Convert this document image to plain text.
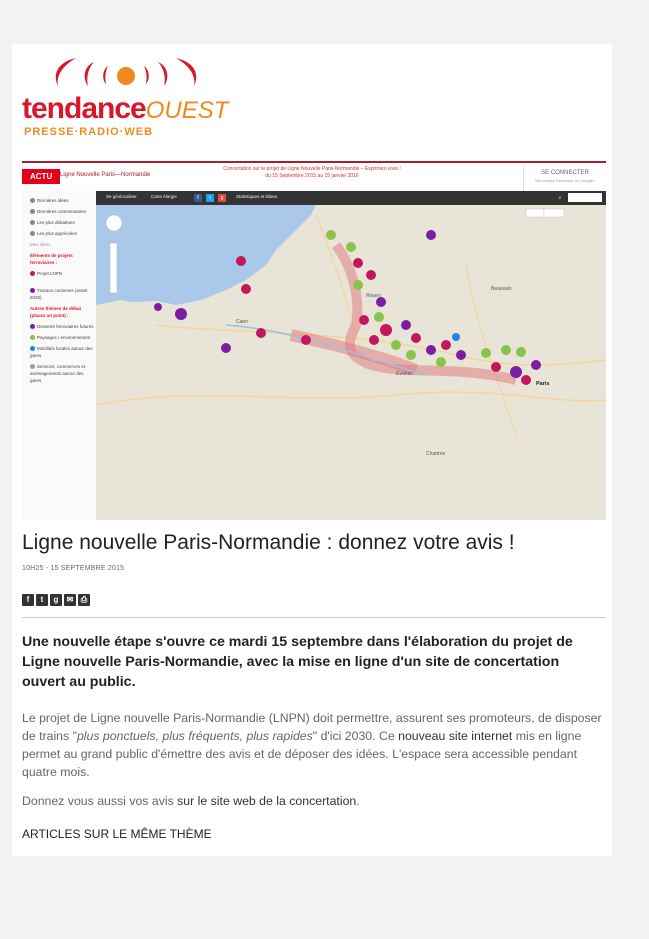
tendanceOUEST
PRESSE·RADIO·WEB
ACTU	Ligne Nouvelle Paris—Normandie
Concertation sur le projet de Ligne Nouvelle Paris-Normandie – Exprimez-vous !
du 15 Septembre 2015 au 15 janvier 2016	SE CONNECTER
Via compte Facebook ou Google+
Dernières idées
Dernières commentaires
Les plus débattues
Les plus appréciées
Mes idées
Éléments de projets ferroviaires :
Projet LNPN
Travaux connexes (avant 2025)
Autres thèmes de débat (placez un point) :
Desserte ferroviaires futures
Paysages / environnement
Mobilités locales autour des gares
Services, commerces et aménagements autour des gares
Se géolocaliser	Carte élargie	f	t	g	Statistiques et bilans	⌕
Paris
Rouen
Caen
Chartres
Beauvais
Évreux
Ligne nouvelle Paris-Normandie : donnez votre avis !
10H25 - 15 SEPTEMBRE 2015
f t g ✉ ⎙

Une nouvelle étape s'ouvre ce mardi 15 septembre dans l'élaboration du projet de Ligne nouvelle Paris-Normandie, avec la mise en ligne d'un site de concertation ouvert au public.

Le projet de Ligne nouvelle Paris-Normandie (LNPN) doit permettre, assurent ses promoteurs, de disposer de trains "plus ponctuels, plus fréquents, plus rapides" d'ici 2030. Ce nouveau site internet mis en ligne permet au grand public d'émettre des avis et de déposer des idées. L'espace sera accessible pendant quatre mois.

Donnez vous aussi vos avis sur le site web de la concertation.

ARTICLES SUR LE MÊME THÈME
